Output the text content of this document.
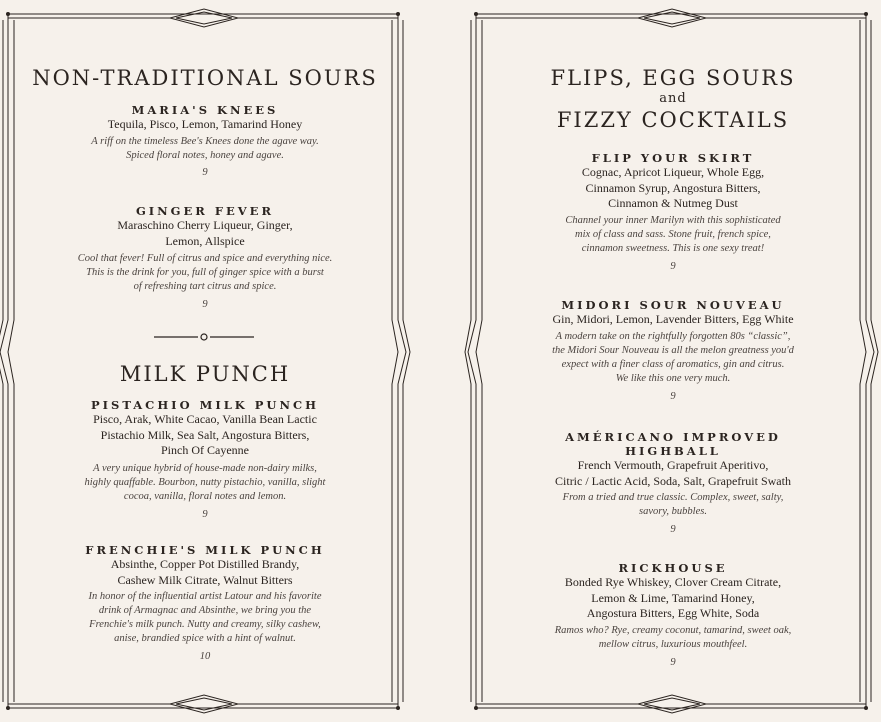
NON-TRADITIONAL SOURS

MARIA'S KNEES

Tequila, Pisco, Lemon, Tamarind Honey

A riff on the timeless Bee's Knees done the agave way.

Spiced floral notes, honey and agave.

9

GINGER FEVER

Maraschino Cherry Liqueur, Ginger,

Lemon, Allspice

Cool that fever! Full of citrus and spice and everything nice.

This is the drink for you, full of ginger spice with a burst

of refreshing tart citrus and spice.

9

MILK PUNCH

PISTACHIO MILK PUNCH

Pisco, Arak, White Cacao, Vanilla Bean Lactic

Pistachio Milk, Sea Salt, Angostura Bitters,

Pinch Of Cayenne

A very unique hybrid of house-made non-dairy milks,

highly quaffable. Bourbon, nutty pistachio, vanilla, slight

cocoa, vanilla, floral notes and lemon.

9

FRENCHIE'S MILK PUNCH

Absinthe, Copper Pot Distilled Brandy,

Cashew Milk Citrate, Walnut Bitters

In honor of the influential artist Latour and his favorite

drink of Armagnac and Absinthe, we bring you the

Frenchie's milk punch. Nutty and creamy, silky cashew,

anise, brandied spice with a hint of walnut.

10

FLIPS, EGG SOURS
and
FIZZY COCKTAILS

FLIP YOUR SKIRT

Cognac, Apricot Liqueur, Whole Egg,

Cinnamon Syrup, Angostura Bitters,

Cinnamon & Nutmeg Dust

Channel your inner Marilyn with this sophisticated

mix of class and sass. Stone fruit, french spice,

cinnamon sweetness. This is one sexy treat!

9

MIDORI SOUR NOUVEAU

Gin, Midori, Lemon, Lavender Bitters, Egg White

A modern take on the rightfully forgotten 80s “classic”,

the Midori Sour Nouveau is all the melon greatness you'd

expect with a finer class of aromatics, gin and citrus.

We like this one very much.

9

AMÉRICANO IMPROVED

HIGHBALL

French Vermouth, Grapefruit Aperitivo,

Citric / Lactic Acid, Soda, Salt, Grapefruit Swath

From a tried and true classic. Complex, sweet, salty,

savory, bubbles.

9

RICKHOUSE

Bonded Rye Whiskey, Clover Cream Citrate,

Lemon & Lime, Tamarind Honey,

Angostura Bitters, Egg White, Soda

Ramos who? Rye, creamy coconut, tamarind, sweet oak,

mellow citrus, luxurious mouthfeel.

9
